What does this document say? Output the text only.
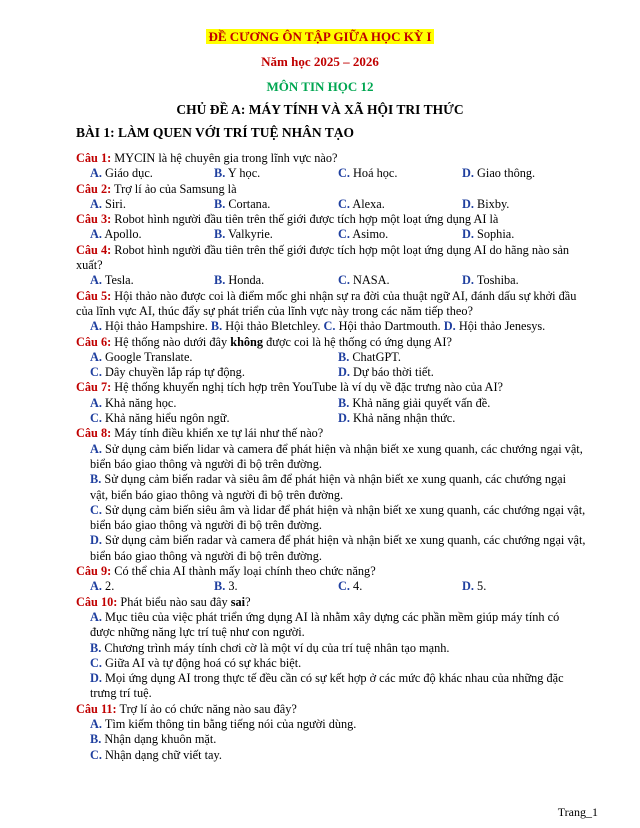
ĐỀ CƯƠNG ÔN TẬP GIỮA HỌC KỲ I
Năm học 2025 – 2026
MÔN TIN HỌC 12
CHỦ ĐỀ A: MÁY TÍNH VÀ XÃ HỘI TRI THỨC
BÀI 1: LÀM QUEN VỚI TRÍ TUỆ NHÂN TẠO
Câu 1: MYCIN là hệ chuyên gia trong lĩnh vực nào?
A. Giáo dục.	B. Y học.	C. Hoá học.	D. Giao thông.
Câu 2: Trợ lí ảo của Samsung là
A. Siri.	B. Cortana.	C. Alexa.	D. Bixby.
Câu 3: Robot hình người đầu tiên trên thế giới được tích hợp một loạt ứng dụng AI là
A. Apollo.	B. Valkyrie.	C. Asimo.	D. Sophia.
Câu 4: Robot hình người đầu tiên trên thế giới được tích hợp một loạt ứng dụng AI do hãng nào sản xuất?
A. Tesla.	B. Honda.	C. NASA.	D. Toshiba.
Câu 5: Hội thảo nào được coi là điểm mốc ghi nhận sự ra đời của thuật ngữ AI, đánh dấu sự khởi đầu của lĩnh vực AI, thúc đẩy sự phát triển của lĩnh vực này trong các năm tiếp theo?
A. Hội thảo Hampshire. B. Hội thảo Bletchley. C. Hội thảo Dartmouth. D. Hội thảo Jenesys.
Câu 6: Hệ thống nào dưới đây không được coi là hệ thống có ứng dụng AI?
A. Google Translate.	B. ChatGPT.
C. Dây chuyền lắp ráp tự động.	D. Dự báo thời tiết.
Câu 7: Hệ thống khuyến nghị tích hợp trên YouTube là ví dụ về đặc trưng nào của AI?
A. Khả năng học.	B. Khả năng giải quyết vấn đề.
C. Khả năng hiểu ngôn ngữ.	D. Khả năng nhận thức.
Câu 8: Máy tính điều khiển xe tự lái như thế nào?
A. Sử dụng cảm biến lidar và camera để phát hiện và nhận biết xe xung quanh, các chướng ngại vật, biển báo giao thông và người đi bộ trên đường.
B. Sử dụng cảm biến radar và siêu âm để phát hiện và nhận biết xe xung quanh, các chướng ngại vật, biển báo giao thông và người đi bộ trên đường.
C. Sử dụng cảm biến siêu âm và lidar để phát hiện và nhận biết xe xung quanh, các chướng ngại vật, biển báo giao thông và người đi bộ trên đường.
D. Sử dụng cảm biến radar và camera để phát hiện và nhận biết xe xung quanh, các chướng ngại vật, biển báo giao thông và người đi bộ trên đường.
Câu 9: Có thể chia AI thành mấy loại chính theo chức năng?
A. 2.	B. 3.	C. 4.	D. 5.
Câu 10: Phát biểu nào sau đây sai?
A. Mục tiêu của việc phát triển ứng dụng AI là nhằm xây dựng các phần mềm giúp máy tính có được những năng lực trí tuệ như con người.
B. Chương trình máy tính chơi cờ là một ví dụ của trí tuệ nhân tạo mạnh.
C. Giữa AI và tự động hoá có sự khác biệt.
D. Mọi ứng dụng AI trong thực tế đều cần có sự kết hợp ở các mức độ khác nhau của những đặc trưng trí tuệ.
Câu 11: Trợ lí ảo có chức năng nào sau đây?
A. Tìm kiếm thông tin bằng tiếng nói của người dùng.
B. Nhận dạng khuôn mặt.
C. Nhận dạng chữ viết tay.
Trang_1
